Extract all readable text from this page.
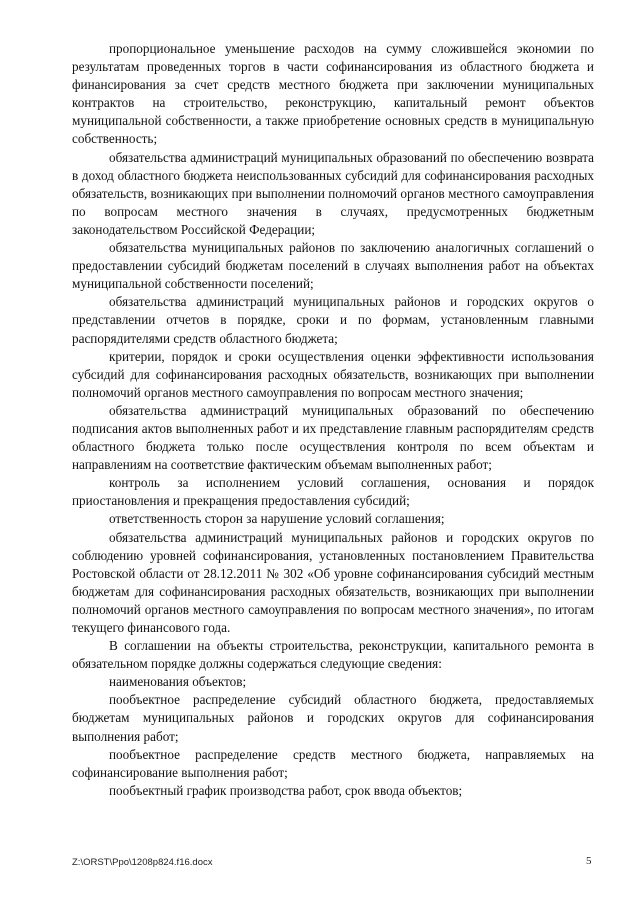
пропорциональное уменьшение расходов на сумму сложившейся экономии по результатам проведенных торгов в части софинансирования из областного бюджета и финансирования за счет средств местного бюджета при заключении муниципальных контрактов на строительство, реконструкцию, капитальный ремонт объектов муниципальной собственности, а также приобретение основных средств в муниципальную собственность;

обязательства администраций муниципальных образований по обеспечению возврата в доход областного бюджета неиспользованных субсидий для софинансирования расходных обязательств, возникающих при выполнении полномочий органов местного самоуправления по вопросам местного значения в случаях, предусмотренных бюджетным законодательством Российской Федерации;

обязательства муниципальных районов по заключению аналогичных соглашений о предоставлении субсидий бюджетам поселений в случаях выполнения работ на объектах муниципальной собственности поселений;

обязательства администраций муниципальных районов и городских округов о представлении отчетов в порядке, сроки и по формам, установленным главными распорядителями средств областного бюджета;

критерии, порядок и сроки осуществления оценки эффективности использования субсидий для софинансирования расходных обязательств, возникающих при выполнении полномочий органов местного самоуправления по вопросам местного значения;

обязательства администраций муниципальных образований по обеспечению подписания актов выполненных работ и их представление главным распорядителям средств областного бюджета только после осуществления контроля по всем объектам и направлениям на соответствие фактическим объемам выполненных работ;

контроль за исполнением условий соглашения, основания и порядок приостановления и прекращения предоставления субсидий;

ответственность сторон за нарушение условий соглашения;

обязательства администраций муниципальных районов и городских округов по соблюдению уровней софинансирования, установленных постановлением Правительства Ростовской области от 28.12.2011 № 302 «Об уровне софинансирования субсидий местным бюджетам для софинансирования расходных обязательств, возникающих при выполнении полномочий органов местного самоуправления по вопросам местного значения», по итогам текущего финансового года.

В соглашении на объекты строительства, реконструкции, капитального ремонта в обязательном порядке должны содержаться следующие сведения:

наименования объектов;

пообъектное распределение субсидий областного бюджета, предоставляемых бюджетам муниципальных районов и городских округов для софинансирования выполнения работ;

пообъектное распределение средств местного бюджета, направляемых на софинансирование выполнения работ;

пообъектный график производства работ, срок ввода объектов;

Z:\ORST\Ppo\1208p824.f16.docx	5
